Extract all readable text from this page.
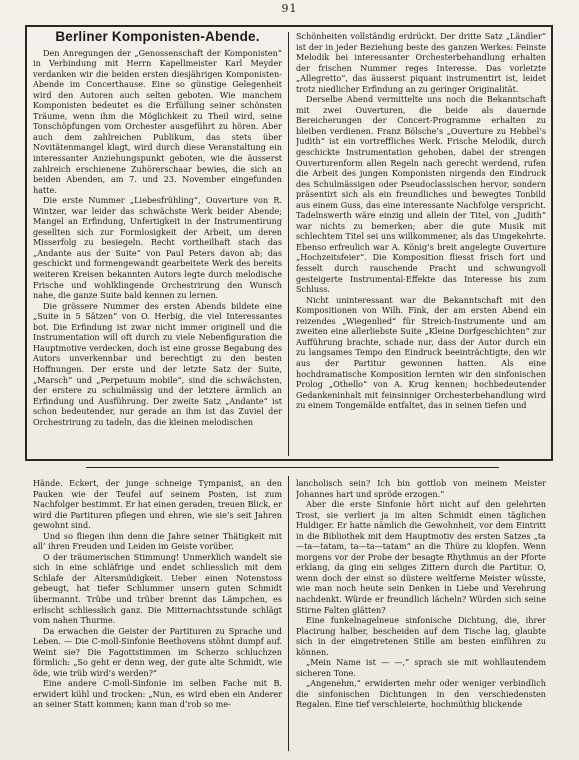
91
Berliner Komponisten-Abende.

Den Anregungen der „Genossenschaft der Komponisten“ in Verbindung mit Herrn Kapellmeister Karl Meyder verdanken wir die beiden ersten diesjährigen Komponisten-Abende im Concerthause. Eine so günstige Gelegenheit wird den Autoren auch selten geboten. Wie manchem Komponisten bedeutet es die Erfüllung seiner schönsten Träume, wenn ihm die Möglichkeit zu Theil wird, seine Tonschöpfungen vom Orchester ausgeführt zu hören. Aber auch dem zahlreichen Publikum, das stets über Novitätenmangel klagt, wird durch diese Veranstaltung ein interessanter Anziehungspunkt geboten, wie die äusserst zahlreich erschienene Zuhörerschaar bewies, die sich an beiden Abenden, am 7. und 23. November eingefunden hatte.

Die erste Nummer „Liebesfrühling“, Ouverture von R. Wintzer, war leider das schwächste Werk beider Abende; Mangel an Erfindung, Unfertigkeit in der Instrumentirung gesellten sich zur Formlosigkeit der Arbeit, um deren Misserfolg zu besiegeln. Recht vortheilhaft stach das „Andante aus der Suite“ von Paul Peters davon ab; das geschickt und formengewandt gearbeitete Werk des bereits weiteren Kreisen bekannten Autors legte durch melodische Frische und wohlklingende Orchestrirung den Wunsch nahe, die ganze Suite bald kennen zu lernen.

Die grössere Nummer des ersten Abends bildete eine „Suite in 5 Sätzen“ von O. Herbig, die viel Interessantes bot. Die Erfindung ist zwar nicht immer originell und die Instrumentation will oft durch zu viele Nebenfiguration die Hauptmotive verdecken, doch ist eine grosse Begabung des Autors unverkennbar und berechtigt zu den besten Hoffnungen. Der erste und der letzte Satz der Suite, „Marsch“ und „Perpetuum mobile“, sind die schwächsten, der erstere zu schulmässig und der letztere ärmlich an Erfindung und Ausführung. Der zweite Satz „Andante“ ist schon bedeutender, nur gerade an ihm ist das Zuviel der Orchestrirung zu tadeln, das die kleinen melodischen

Schönheiten vollständig erdrückt. Der dritte Satz „Ländler“ ist der in jeder Beziehung beste des ganzen Werkes: Feinste Melodik bei interessanter Orchesterbehandlung erhalten der frischen Nummer reges Interesse. Das vorletzte „Allegretto“, das äusserst piquant instrumentirt ist, leidet trotz niedlicher Erfindung an zu geringer Originalität.

Derselbe Abend vermittelte uns noch die Bekanntschaft mit zwei Ouverturen, die beide als dauernde Bereicherungen der Concert-Programme erhalten zu bleiben verdienen. Franz Bölsche’s „Ouverture zu Hebbel’s Judith“ ist ein vortreffliches Werk. Frische Melodik, durch geschickte Instrumentation gehoben, dabei der strengen Ouverturenform allen Regeln nach gerecht werdend, rufen die Arbeit des jungen Komponisten nirgends den Eindruck des Schulmässigen oder Pseudoclassischen hervor, sondern präsentirt sich als ein freundliches und bewegtes Tonbild aus einem Guss, das eine interessante Nachfolge verspricht. Tadelnswerth wäre einzig und allein der Titel, von „Judith“ war nichts zu bemerken; aber die gute Musik mit schlechtem Titel sei uns willkommener, als das Umgekehrte. Ebenso erfreulich war A. König’s breit angelegte Ouverture „Hochzeitsfeier“. Die Komposition fliesst frisch fort und fesselt durch rauschende Pracht und schwungvoll gesteigerte Instrumental-Effekte das Interesse bis zum Schluss.

Nicht uninteressant war die Bekanntschaft mit den Kompositionen von Wilh. Fink, der am ersten Abend ein reizendes „Wiegenlied“ für Streich-Instrumente und am zweiten eine allerliebste Suite „Kleine Dorfgeschichten“ zur Aufführung brachte, schade nur, dass der Autor durch ein zu langsames Tempo den Eindruck beeinträchtigte, den wir aus der Partitur gewonnen hatten. Als eine hochdramatische Komposition lernten wir den sinfonischen Prolog „Othello“ von A. Krug kennen; hochbedeutender Gedankeninhalt mit feinsinniger Orchesterbehandlung wird zu einem Tongemälde entfaltet, das in seinen tiefen und

Hände. Eckert, der junge schneige Tympanist, an den Pauken wie der Teufel auf seinem Posten, ist zum Nachfolger bestimmt. Er hat einen geraden, treuen Blick, er wird die Partituren pflegen und ehren, wie sie’s seit Jahren gewohnt sind.

Und so fliegen ihm denn die Jahre seiner Thätigkeit mit all’ ihren Freuden und Leiden im Geiste vorüber.

O der träumerischen Stimmung! Unmerklich wandelt sie sich in eine schläfrige und endet schliesslich mit dem Schlafe der Altersmüdigkeit. Ueber einen Notenstoss gebeugt, hat tiefer Schlummer unsern guten Schmidt übermannt. Trübe und trüber brennt das Lämpchen, es erlischt schliesslich ganz. Die Mitternachtsstunde schlägt vom nahen Thurme.

Da erwachen die Geister der Partituren zu Sprache und Leben. — Die C-moll-Sinfonie Beethovens stöhnt dumpf auf. Weint sie? Die Fagottstimmen im Scherzo schluchzen förmlich: „So geht er denn weg, der gute alte Schmidt, wie öde, wie trüb wird’s werden?“

Eine andere C-moll-Sinfonie im selben Fache mit B. erwidert kühl und trocken: „Nun, es wird eben ein Anderer an seiner Statt kommen; kann man d’rob so me-

lancholisch sein? Ich bin gottlob von meinem Meister Johannes hart und spröde erzogen.“

Aber die erste Sinfonie hört nicht auf den gelehrten Trost, sie verliert ja im alten Schmidt einen täglichen Huldiger. Er hatte nämlich die Gewohnheit, vor dem Eintritt in die Bibliothek mit dem Hauptmotiv des ersten Satzes „ta—ta—tatam, ta—ta—tatam“ an die Thüre zu klopfen. Wenn morgens vor der Probe der besagte Rhythmus an der Pforte erklang, da ging ein seliges Zittern durch die Partitur. O, wenn doch der einst so düstere weltferne Meister wüsste, wie man noch heute sein Denken in Liebe und Verehrung nachdenkt. Würde er freundlich lächeln? Würden sich seine Stirne Falten glätten?

Eine funkelnagelneue sinfonische Dichtung, die, ihrer Placirung halber, bescheiden auf dem Tische lag, glaubte sich in der eingetretenen Stille am besten einführen zu können.

„Mein Name ist — —,“ sprach sie mit wohllautendem sicheren Tone.

„Angenehm,“ erwiderten mehr oder weniger verbindlich die sinfonischen Dichtungen in den verschiedensten Regalen. Eine tief verschleierte, hochmüthig blickende
